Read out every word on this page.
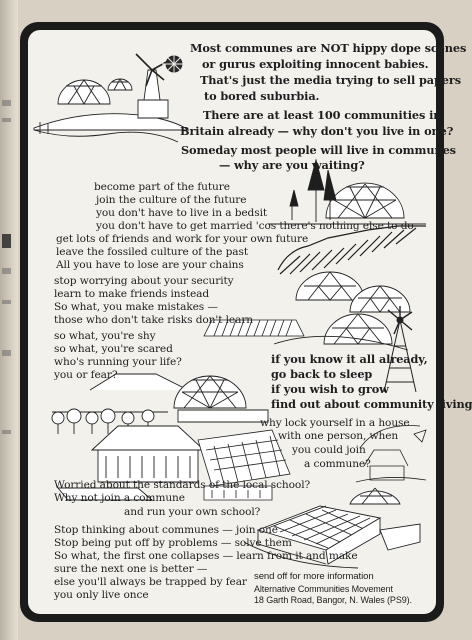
Most communes are NOT hippy dope scenes

or gurus exploiting innocent babies.

That's just the media trying to sell papers

to bored suburbia.

There are at least 100 communities in

Britain already — why don't you live in one?

Someday most people will live in communes

— why are you waiting?

become part of the future

join the culture of the future

you don't have to live in a bedsit

you don't have to get married 'cos there's nothing else to do

get lots of friends and work for your own future

leave the fossiled culture of the past

All you have to lose are your chains

stop worrying about your security

learn to make friends instead

So what, you make mistakes —

those who don't take risks don't learn

so what, you're shy

so what, you're scared

who's running your life?

you or fear?

if you know it all already,

go back to sleep

if you wish to grow

find out about community living

why lock yourself in a house

with one person, when

you could join

a commune?

Worried about the standards of the local school?

Why not join a commune

and run your own school?

Stop thinking about communes — join one

Stop being put off by problems — solve them

So what, the first one collapses — learn from it and make

sure the next one is better —

else you'll always be trapped by fear

you only live once

send off for more information

Alternative Communities Movement

18 Garth Road, Bangor, N. Wales (PS9).
